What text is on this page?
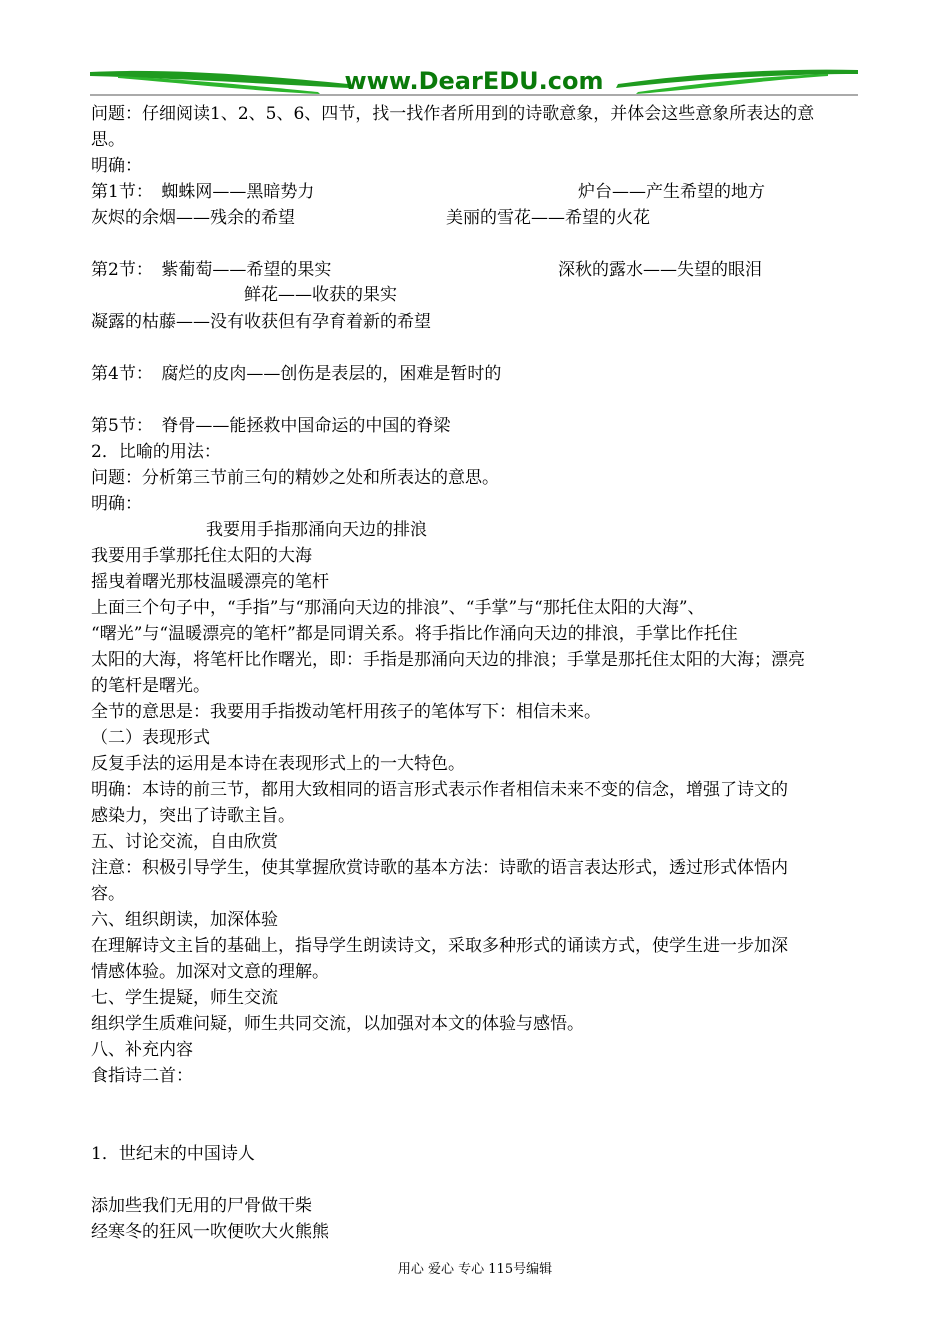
www.DearEDU.com
问题：仔细阅读1、2、5、6、四节，找一找作者所用到的诗歌意象，并体会这些意象所表达的意
思。
明确：
第1节：　蜘蛛网——黑暗势力	炉台——产生希望的地方
灰烬的余烟——残余的希望	美丽的雪花——希望的火花
第2节：　紫葡萄——希望的果实	深秋的露水——失望的眼泪
鲜花——收获的果实
凝露的枯藤——没有收获但有孕育着新的希望
第4节：　腐烂的皮肉——创伤是表层的，困难是暂时的
第5节：　脊骨——能拯救中国命运的中国的脊梁
2．比喻的用法：
问题：分析第三节前三句的精妙之处和所表达的意思。
明确：
我要用手指那涌向天边的排浪
我要用手掌那托住太阳的大海
摇曳着曙光那枝温暖漂亮的笔杆
上面三个句子中，“手指”与“那涌向天边的排浪”、“手掌”与“那托住太阳的大海”、
“曙光”与“温暖漂亮的笔杆”都是同谓关系。将手指比作涌向天边的排浪，手掌比作托住
太阳的大海，将笔杆比作曙光，即：手指是那涌向天边的排浪；手掌是那托住太阳的大海；漂亮
的笔杆是曙光。
全节的意思是：我要用手指拨动笔杆用孩子的笔体写下：相信未来。
（二）表现形式
反复手法的运用是本诗在表现形式上的一大特色。
明确：本诗的前三节，都用大致相同的语言形式表示作者相信未来不变的信念，增强了诗文的
感染力，突出了诗歌主旨。
五、讨论交流，自由欣赏
注意：积极引导学生，使其掌握欣赏诗歌的基本方法：诗歌的语言表达形式，透过形式体悟内
容。
六、组织朗读，加深体验
在理解诗文主旨的基础上，指导学生朗读诗文，采取多种形式的诵读方式，使学生进一步加深
情感体验。加深对文意的理解。
七、学生提疑，师生交流
组织学生质难问疑，师生共同交流，以加强对本文的体验与感悟。
八、补充内容
食指诗二首：
1．世纪末的中国诗人
添加些我们无用的尸骨做干柴
经寒冬的狂风一吹便吹大火熊熊
用心 爱心 专心 115号编辑
